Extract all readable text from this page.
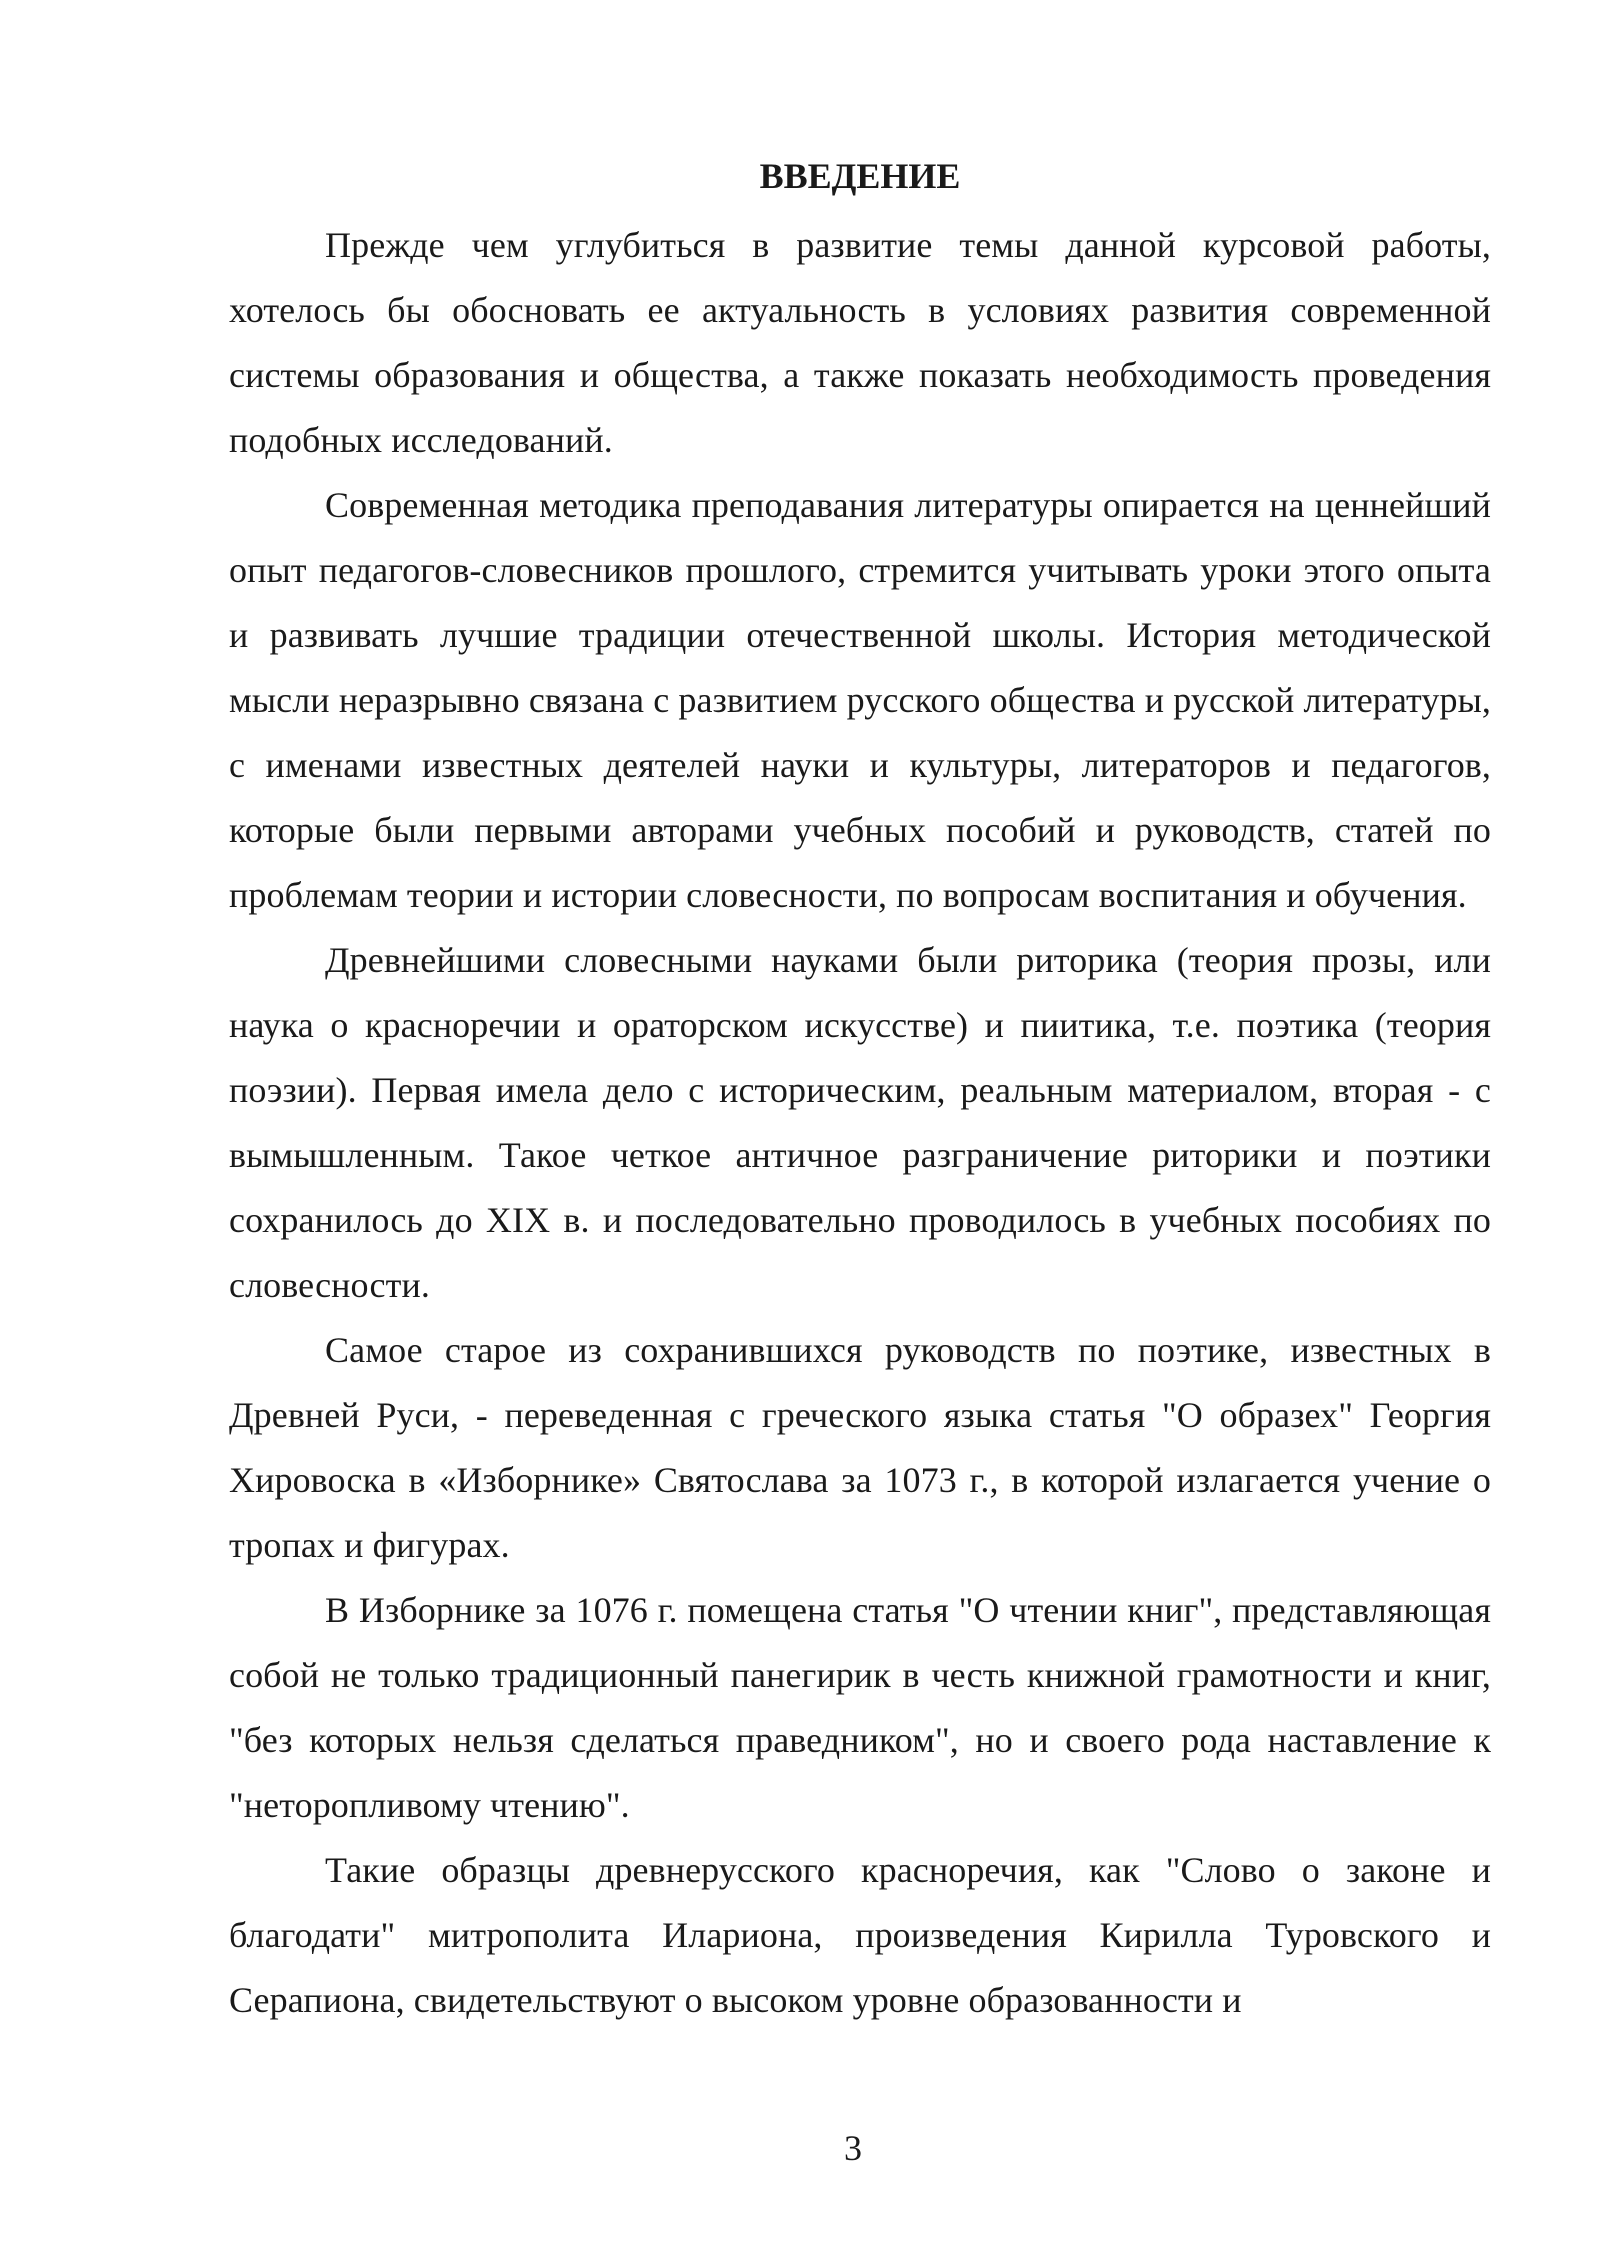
ВВЕДЕНИЕ

Прежде чем углубиться в развитие темы данной курсовой работы, хотелось бы обосновать ее актуальность в условиях развития современной системы образования и общества, а также показать необходимость проведения подобных исследований.

Современная методика преподавания литературы опирается на ценнейший опыт педагогов-словесников прошлого, стремится учитывать уроки этого опыта и развивать лучшие традиции отечественной школы. История методической мысли неразрывно связана с развитием русского общества и русской литературы, с именами известных деятелей науки и культуры, литераторов и педагогов, которые были первыми авторами учебных пособий и руководств, статей по проблемам теории и истории словесности, по вопросам воспитания и обучения.

Древнейшими словесными науками были риторика (теория прозы, или наука о красноречии и ораторском искусстве) и пиитика, т.е. поэтика (теория поэзии). Первая имела дело с историческим, реальным материалом, вторая - с вымышленным. Такое четкое античное разграничение риторики и поэтики сохранилось до XIX в. и последовательно проводилось в учебных пособиях по словесности.

Самое старое из сохранившихся руководств по поэтике, известных в Древней Руси, - переведенная с греческого языка статья "О образех" Георгия Хировоска в «Изборнике» Святослава за 1073 г., в которой излагается учение о тропах и фигурах.

В Изборнике за 1076 г. помещена статья "О чтении книг", представляющая собой не только традиционный панегирик в честь книжной грамотности и книг, "без которых нельзя сделаться праведником", но и своего рода наставление к "неторопливому чтению".

Такие образцы древнерусского красноречия, как "Слово о законе и благодати" митрополита Илариона, произведения Кирилла Туровского и Серапиона, свидетельствуют о высоком уровне образованности и

3
